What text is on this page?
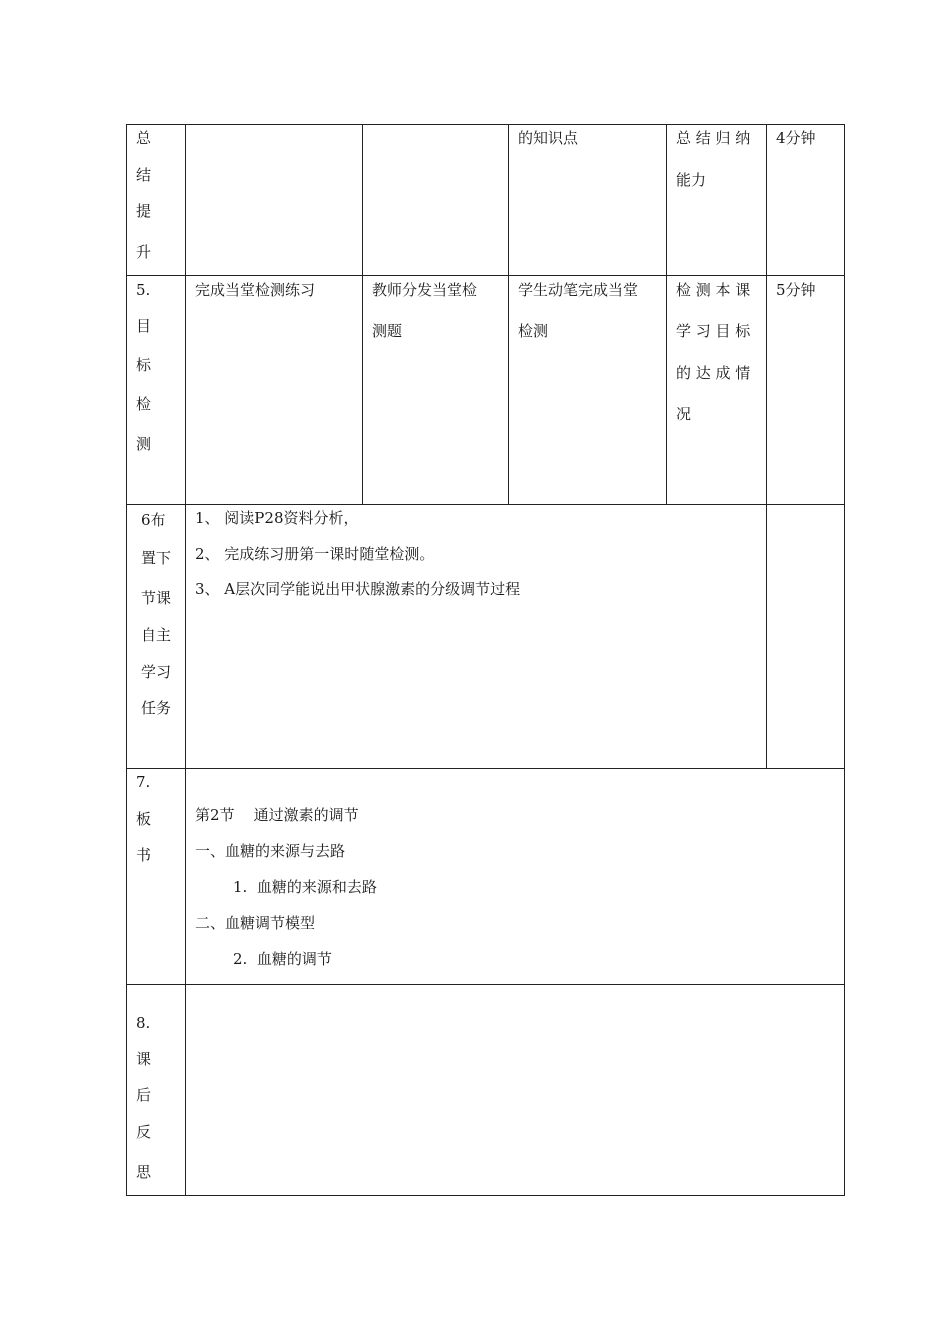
总
结
提
升
的知识点	总 结 归 纳
能力
4分钟
5.
目
标
检
测
完成当堂检测练习	教师分发当堂检
测题
学生动笔完成当堂
检测
检 测 本 课
学 习 目 标
的 达 成 情
况
5分钟
6布
置下
节课
自主
学习
任务
1、 阅读P28资料分析，
2、 完成练习册第一课时随堂检测。
3、 A层次同学能说出甲状腺激素的分级调节过程
7.
板
书
第2节    通过激素的调节
一、血糖的来源与去路
1.  血糖的来源和去路
二、血糖调节模型
2.  血糖的调节
8.
课
后
反
思
